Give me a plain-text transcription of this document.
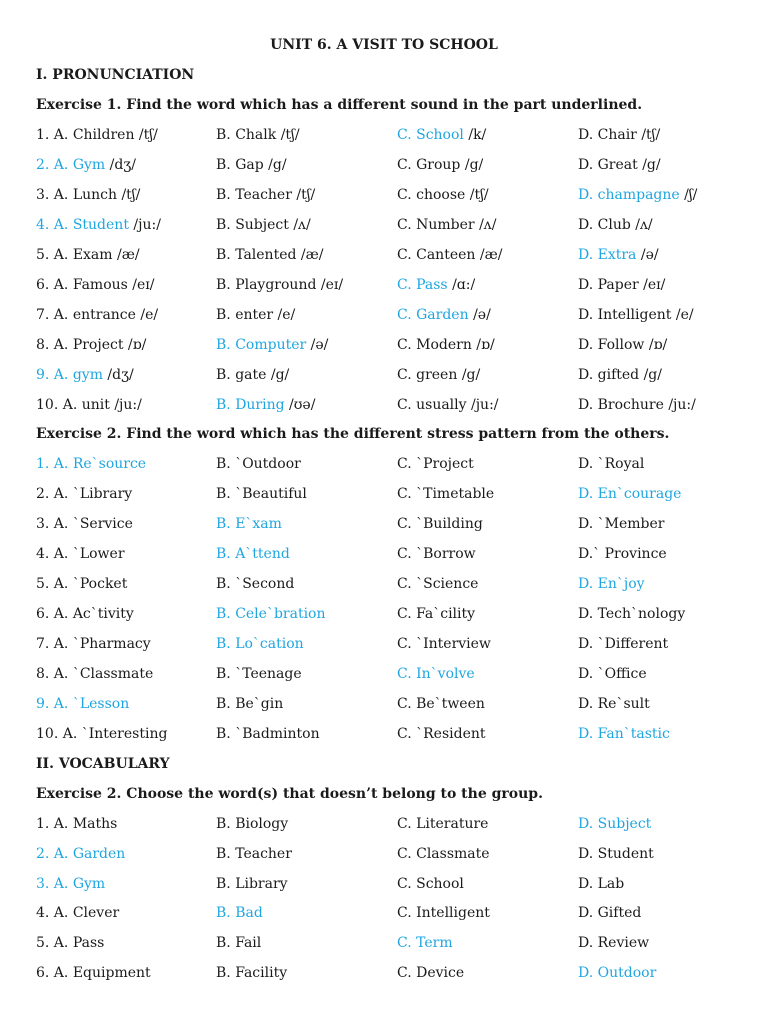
UNIT 6. A VISIT TO SCHOOL
I. PRONUNCIATION
Exercise 1. Find the word which has a different sound in the part underlined.
1. A. Children /tʃ/	B. Chalk /tʃ/	C. School /k/	D. Chair /tʃ/
2. A. Gym /dʒ/	B. Gap /g/	C. Group /g/	D. Great /g/
3. A. Lunch /tʃ/	B. Teacher /tʃ/	C. choose /tʃ/	D. champagne /ʃ/
4. A. Student /ju:/	B. Subject /ʌ/	C. Number /ʌ/	D. Club /ʌ/
5. A. Exam /æ/	B. Talented /æ/	C. Canteen /æ/	D. Extra /ə/
6. A. Famous /eɪ/	B. Playground /eɪ/	C. Pass /ɑ:/	D. Paper /eɪ/
7. A. entrance /e/	B. enter /e/	C. Garden /ə/	D. Intelligent /e/
8. A. Project /ɒ/	B. Computer /ə/	C. Modern /ɒ/	D. Follow /ɒ/
9. A. gym /dʒ/	B. gate /g/	C. green /g/	D. gifted /g/
10. A. unit /ju:/	B. During /ʊə/	C. usually /ju:/	D. Brochure /ju:/
Exercise 2. Find the word which has the different stress pattern from the others.
1. A. Re`source	B. `Outdoor	C. `Project	D. `Royal
2. A. `Library	B. `Beautiful	C. `Timetable	D. En`courage
3. A. `Service	B. E`xam	C. `Building	D. `Member
4. A. `Lower	B. A`ttend	C. `Borrow	D.` Province
5. A. `Pocket	B. `Second	C. `Science	D. En`joy
6. A. Ac`tivity	B. Cele`bration	C. Fa`cility	D. Tech`nology
7. A. `Pharmacy	B. Lo`cation	C. `Interview	D. `Different
8. A. `Classmate	B. `Teenage	C. In`volve	D. `Office
9. A. `Lesson	B. Be`gin	C. Be`tween	D. Re`sult
10. A. `Interesting	B. `Badminton	C. `Resident	D. Fan`tastic
II. VOCABULARY
Exercise 2. Choose the word(s) that doesn’t belong to the group.
1. A. Maths	B. Biology	C. Literature	D. Subject
2. A. Garden	B. Teacher	C. Classmate	D. Student
3. A. Gym	B. Library	C. School	D. Lab
4. A. Clever	B. Bad	C. Intelligent	D. Gifted
5. A. Pass	B. Fail	C. Term	D. Review
6. A. Equipment	B. Facility	C. Device	D. Outdoor
